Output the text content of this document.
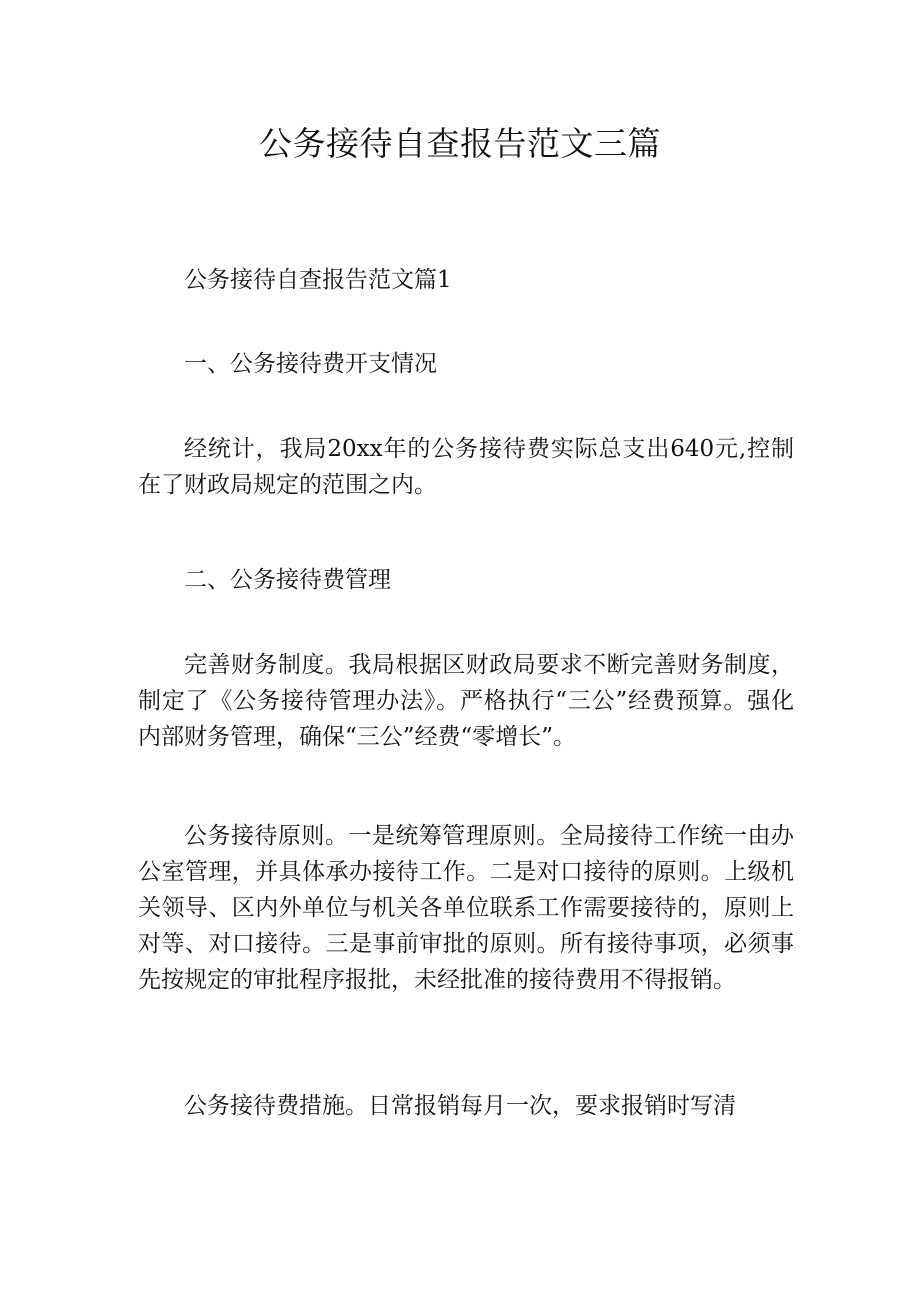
公务接待自查报告范文三篇

公务接待自查报告范文篇1

一、公务接待费开支情况

经统计，我局20xx年的公务接待费实际总支出640元,控制在了财政局规定的范围之内。

二、公务接待费管理

完善财务制度。我局根据区财政局要求不断完善财务制度，制定了《公务接待管理办法》。严格执行“三公”经费预算。强化内部财务管理，确保“三公”经费“零增长”。

公务接待原则。一是统筹管理原则。全局接待工作统一由办公室管理，并具体承办接待工作。二是对口接待的原则。上级机关领导、区内外单位与机关各单位联系工作需要接待的，原则上对等、对口接待。三是事前审批的原则。所有接待事项，必须事先按规定的审批程序报批，未经批准的接待费用不得报销。

公务接待费措施。日常报销每月一次，要求报销时写清
